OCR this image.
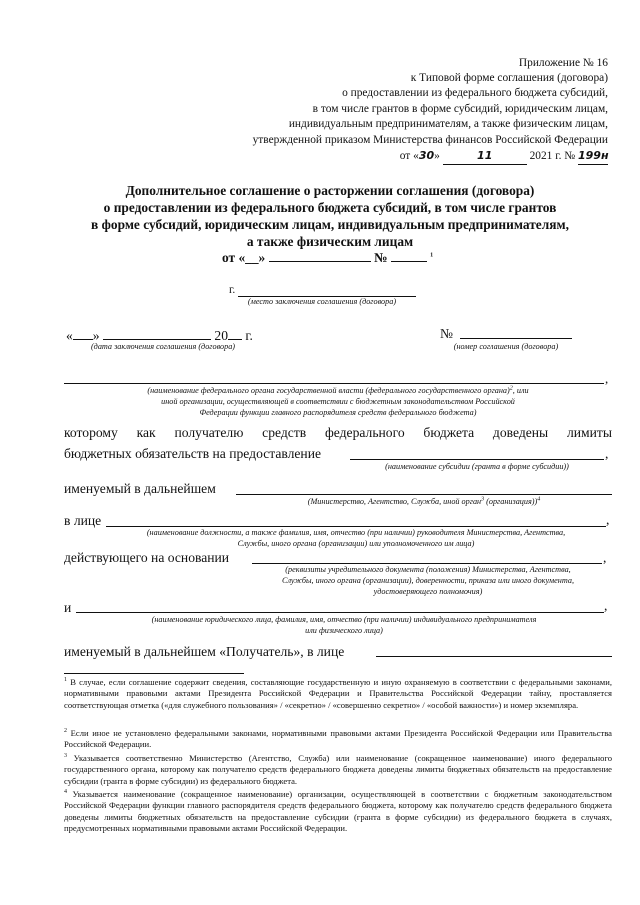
Приложение № 16
к Типовой форме соглашения (договора)
о предоставлении из федерального бюджета субсидий,
в том числе грантов в форме субсидий, юридическим лицам,
индивидуальным предпринимателям, а также физическим лицам,
утвержденной приказом Министерства финансов Российской Федерации
от «30»	11	2021 г. № 199н
Дополнительное соглашение о расторжении соглашения (договора)
о предоставлении из федерального бюджета субсидий, в том числе грантов
в форме субсидий, юридическим лицам, индивидуальным предпринимателям,
а также физическим лицам
от «__»	№	$^1$
г.
(место заключения соглашения (договора)
« »	20 г.
(дата заключения соглашения (договора)
№
(номер соглашения (договора)
,
(наименование федерального органа государственной власти (федерального государственного органа)$^2$, или
иной организации, осуществляющей в соответствии с бюджетным законодательством Российской
Федерации функции главного распорядителя средств федерального бюджета)
которому как получателю средств федерального бюджета доведены лимиты
бюджетных обязательств на предоставление	,
(наименование субсидии (гранта в форме субсидии))
именуемый в дальнейшем
(Министерство, Агентство, Служба, иной орган$^3$ (организация))$^4$
в лице	,
(наименование должности, а также фамилия, имя, отчество (при наличии) руководителя Министерства, Агентства,
Службы, иного органа (организации) или уполномоченного им лица)
действующего на основании	,
(реквизиты учредительного документа (положения) Министерства, Агентства,
Службы, иного органа (организации), доверенности, приказа или иного документа,
удостоверяющего полномочия)
и	,
(наименование юридического лица, фамилия, имя, отчество (при наличии) индивидуального предпринимателя
или физического лица)
именуемый в дальнейшем «Получатель», в лице
$^1$ В случае, если соглашение содержит сведения, составляющие государственную и иную охраняемую в соответствии с федеральными законами, нормативными правовыми актами Президента Российской Федерации и Правительства Российской Федерации тайну, проставляется соответствующая отметка («для служебного пользования» / «секретно» / «совершенно секретно» / «особой важности») и номер экземпляра.
$^2$ Если иное не установлено федеральными законами, нормативными правовыми актами Президента Российской Федерации или Правительства Российской Федерации.
$^3$ Указывается соответственно Министерство (Агентство, Служба) или наименование (сокращенное наименование) иного федерального государственного органа, которому как получателю средств федерального бюджета доведены лимиты бюджетных обязательств на предоставление субсидии (гранта в форме субсидии) из федерального бюджета.
$^4$ Указывается наименование (сокращенное наименование) организации, осуществляющей в соответствии с бюджетным законодательством Российской Федерации функции главного распорядителя средств федерального бюджета, которому как получателю средств федерального бюджета доведены лимиты бюджетных обязательств на предоставление субсидии (гранта в форме субсидии) из федерального бюджета в случаях, предусмотренных нормативными правовыми актами Российской Федерации.
